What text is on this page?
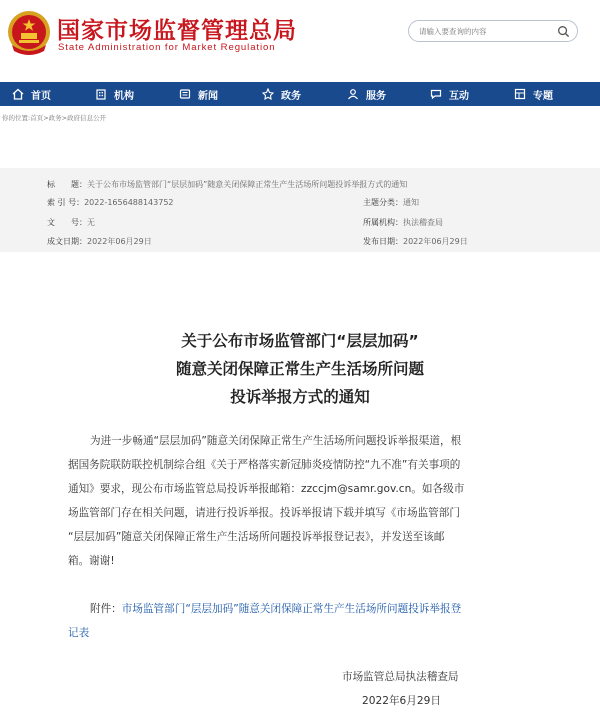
国家市场监督管理总局
State Administration for Market Regulation
请输入要查询的内容
首页	机构	新闻	政务	服务	互动	专题
你的位置:首页>政务>政府信息公开
标　　题：关于公布市场监管部门“层层加码”随意关闭保障正常生产生活场所问题投诉举报方式的通知
索 引 号：2022-1656488143752	主题分类：通知
文　　号：无	所属机构：执法稽查局
成文日期：2022年06月29日	发布日期：2022年06月29日
关于公布市场监管部门“层层加码”
随意关闭保障正常生产生活场所问题
投诉举报方式的通知
为进一步畅通“层层加码”随意关闭保障正常生产生活场所问题投诉举报渠道，根
据国务院联防联控机制综合组《关于严格落实新冠肺炎疫情防控“九不准”有关事项的
通知》要求，现公布市场监管总局投诉举报邮箱：zzccjm@samr.gov.cn。如各级市
场监管部门存在相关问题，请进行投诉举报。投诉举报请下载并填写《市场监管部门
“层层加码”随意关闭保障正常生产生活场所问题投诉举报登记表》，并发送至该邮
箱。谢谢!
附件：市场监管部门“层层加码”随意关闭保障正常生产生活场所问题投诉举报登
记表
市场监管总局执法稽查局
2022年6月29日
